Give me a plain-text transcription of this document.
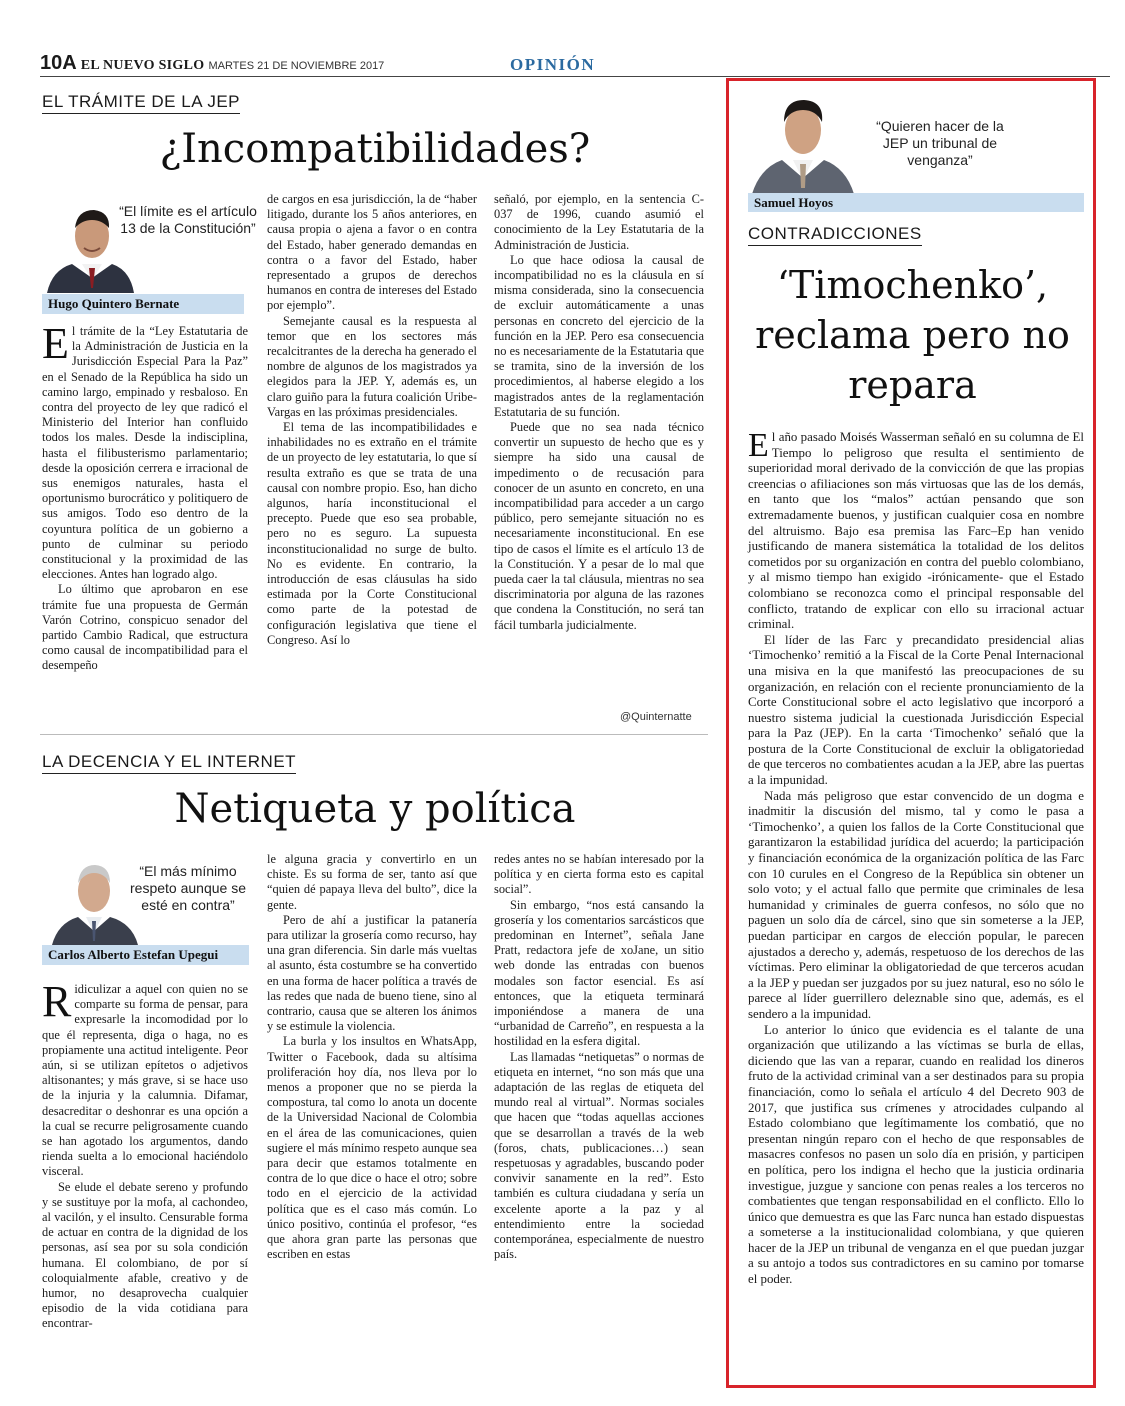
10A EL NUEVO SIGLO MARTES 21 DE NOVIEMBRE 2017	OPINIÓN
EL TRÁMITE DE LA JEP
¿Incompatibilidades?
“El límite es el artículo 13 de la Constitución”
Hugo Quintero Bernate
E l trámite de la “Ley Estatutaria de la Administración de Justicia en la Jurisdicción Especial Para la Paz” en el Senado de la República ha sido un camino largo, empinado y resbaloso. En contra del proyecto de ley que radicó el Ministerio del Interior han confluido todos los males. Desde la indisciplina, hasta el filibusterismo parlamentario; desde la oposición cerrera e irracional de sus enemigos naturales, hasta el oportunismo burocrático y politiquero de sus amigos. Todo eso dentro de la coyuntura política de un gobierno a punto de culminar su periodo constitucional y la proximidad de las elecciones. Antes han logrado algo.

Lo último que aprobaron en ese trámite fue una propuesta de Germán Varón Cotrino, conspicuo senador del partido Cambio Radical, que estructura como causal de incompatibilidad para el desempeño

de cargos en esa jurisdicción, la de “haber litigado, durante los 5 años anteriores, en causa propia o ajena a favor o en contra del Estado, haber generado demandas en contra o a favor del Estado, haber representado a grupos de derechos humanos en contra de intereses del Estado por ejemplo”.

Semejante causal es la respuesta al temor que en los sectores más recalcitrantes de la derecha ha generado el nombre de algunos de los magistrados ya elegidos para la JEP. Y, además es, un claro guiño para la futura coalición Uribe-Vargas en las próximas presidenciales.

El tema de las incompatibilidades e inhabilidades no es extraño en el trámite de un proyecto de ley estatutaria, lo que sí resulta extraño es que se trata de una causal con nombre propio. Eso, han dicho algunos, haría inconstitucional el precepto. Puede que eso sea probable, pero no es seguro. La supuesta inconstitucionalidad no surge de bulto. No es evidente. En contrario, la introducción de esas cláusulas ha sido estimada por la Corte Constitucional como parte de la potestad de configuración legislativa que tiene el Congreso. Así lo

señaló, por ejemplo, en la sentencia C-037 de 1996, cuando asumió el conocimiento de la Ley Estatutaria de la Administración de Justicia.

Lo que hace odiosa la causal de incompatibilidad no es la cláusula en sí misma considerada, sino la consecuencia de excluir automáticamente a unas personas en concreto del ejercicio de la función en la JEP. Pero esa consecuencia no es necesariamente de la Estatutaria que se tramita, sino de la inversión de los procedimientos, al haberse elegido a los magistrados antes de la reglamentación Estatutaria de su función.

Puede que no sea nada técnico convertir un supuesto de hecho que es y siempre ha sido una causal de impedimento o de recusación para conocer de un asunto en concreto, en una incompatibilidad para acceder a un cargo público, pero semejante situación no es necesariamente inconstitucional. En ese tipo de casos el límite es el artículo 13 de la Constitución. Y a pesar de lo mal que pueda caer la tal cláusula, mientras no sea discriminatoria por alguna de las razones que condena la Constitución, no será tan fácil tumbarla judicialmente.

@Quinternatte
LA DECENCIA Y EL INTERNET
Netiqueta y política
“El más mínimo respeto aunque se esté en contra”
Carlos Alberto Estefan Upegui
R idiculizar a aquel con quien no se comparte su forma de pensar, para expresarle la incomodidad por lo que él representa, diga o haga, no es propiamente una actitud inteligente. Peor aún, si se utilizan epítetos o adjetivos altisonantes; y más grave, si se hace uso de la injuria y la calumnia. Difamar, desacreditar o deshonrar es una opción a la cual se recurre peligrosamente cuando se han agotado los argumentos, dando rienda suelta a lo emocional haciéndolo visceral.

Se elude el debate sereno y profundo y se sustituye por la mofa, al cachondeo, al vacilón, y el insulto. Censurable forma de actuar en contra de la dignidad de los personas, así sea por su sola condición humana. El colombiano, de por sí coloquialmente afable, creativo y de humor, no desaprovecha cualquier episodio de la vida cotidiana para encontrar-

le alguna gracia y convertirlo en un chiste. Es su forma de ser, tanto así que “quien dé papaya lleva del bulto”, dice la gente.

Pero de ahí a justificar la patanería para utilizar la grosería como recurso, hay una gran diferencia. Sin darle más vueltas al asunto, ésta costumbre se ha convertido en una forma de hacer política a través de las redes que nada de bueno tiene, sino al contrario, causa que se alteren los ánimos y se estimule la violencia.

La burla y los insultos en WhatsApp, Twitter o Facebook, dada su altísima proliferación hoy día, nos lleva por lo menos a proponer que no se pierda la compostura, tal como lo anota un docente de la Universidad Nacional de Colombia en el área de las comunicaciones, quien sugiere el más mínimo respeto aunque sea para decir que estamos totalmente en contra de lo que dice o hace el otro; sobre todo en el ejercicio de la actividad política que es el caso más común. Lo único positivo, continúa el profesor, “es que ahora gran parte las personas que escriben en estas

redes antes no se habían interesado por la política y en cierta forma esto es capital social”.

Sin embargo, “nos está cansando la grosería y los comentarios sarcásticos que predominan en Internet”, señala Jane Pratt, redactora jefe de xoJane, un sitio web donde las entradas con buenos modales son factor esencial. Es así entonces, que la etiqueta terminará imponiéndose a manera de una “urbanidad de Carreño”, en respuesta a la hostilidad en la esfera digital.

Las llamadas “netiquetas” o normas de etiqueta en internet, “no son más que una adaptación de las reglas de etiqueta del mundo real al virtual”. Normas sociales que hacen que “todas aquellas acciones que se desarrollan a través de la web (foros, chats, publicaciones…) sean respetuosas y agradables, buscando poder convivir sanamente en la red”. Esto también es cultura ciudadana y sería un excelente aporte a la paz y al entendimiento entre la sociedad contemporánea, especialmente de nuestro país.

“Quieren hacer de la JEP un tribunal de venganza”
Samuel Hoyos
CONTRADICCIONES
‘Timochenko’,
reclama pero no
repara
E l año pasado Moisés Wasserman señaló en su columna de El Tiempo lo peligroso que resulta el sentimiento de superioridad moral derivado de la convicción de que las propias creencias o afiliaciones son más virtuosas que las de los demás, en tanto que los “malos” actúan pensando que son extremadamente buenos, y justifican cualquier cosa en nombre del altruismo. Bajo esa premisa las Farc–Ep han venido justificando de manera sistemática la totalidad de los delitos cometidos por su organización en contra del pueblo colombiano, y al mismo tiempo han exigido -irónicamente- que el Estado colombiano se reconozca como el principal responsable del conflicto, tratando de explicar con ello su irracional actuar criminal.

El líder de las Farc y precandidato presidencial alias ‘Timochenko’ remitió a la Fiscal de la Corte Penal Internacional una misiva en la que manifestó las preocupaciones de su organización, en relación con el reciente pronunciamiento de la Corte Constitucional sobre el acto legislativo que incorporó a nuestro sistema judicial la cuestionada Jurisdicción Especial para la Paz (JEP). En la carta ‘Timochenko’ señaló que la postura de la Corte Constitucional de excluir la obligatoriedad de que terceros no combatientes acudan a la JEP, abre las puertas a la impunidad.

Nada más peligroso que estar convencido de un dogma e inadmitir la discusión del mismo, tal y como le pasa a ‘Timochenko’, a quien los fallos de la Corte Constitucional que garantizaron la estabilidad jurídica del acuerdo; la participación y financiación económica de la organización política de las Farc con 10 curules en el Congreso de la República sin obtener un solo voto; y el actual fallo que permite que criminales de lesa humanidad y criminales de guerra confesos, no sólo que no paguen un solo día de cárcel, sino que sin someterse a la JEP, puedan participar en cargos de elección popular, le parecen ajustados a derecho y, además, respetuoso de los derechos de las víctimas. Pero eliminar la obligatoriedad de que terceros acudan a la JEP y puedan ser juzgados por su juez natural, eso no sólo le parece al líder guerrillero deleznable sino que, además, es el sendero a la impunidad.

Lo anterior lo único que evidencia es el talante de una organización que utilizando a las víctimas se burla de ellas, diciendo que las van a reparar, cuando en realidad los dineros fruto de la actividad criminal van a ser destinados para su propia financiación, como lo señala el artículo 4 del Decreto 903 de 2017, que justifica sus crímenes y atrocidades culpando al Estado colombiano que legítimamente los combatió, que no presentan ningún reparo con el hecho de que responsables de masacres confesos no pasen un solo día en prisión, y participen en política, pero los indigna el hecho que la justicia ordinaria investigue, juzgue y sancione con penas reales a los terceros no combatientes que tengan responsabilidad en el conflicto. Ello lo único que demuestra es que las Farc nunca han estado dispuestas a someterse a la institucionalidad colombiana, y que quieren hacer de la JEP un tribunal de venganza en el que puedan juzgar a su antojo a todos sus contradictores en su camino por tomarse el poder.
